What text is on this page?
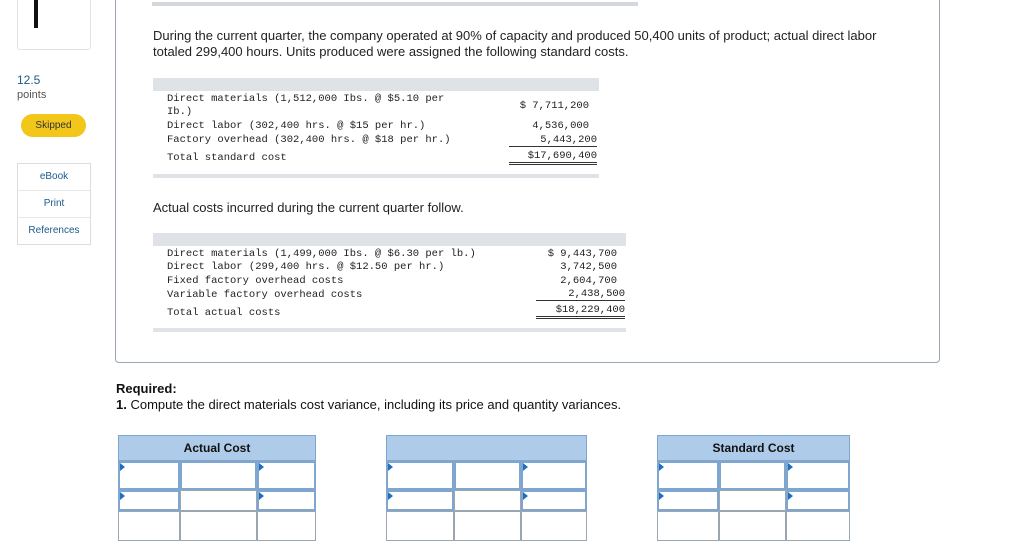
12.5
points
Skipped
eBook
Print
References
During the current quarter, the company operated at 90% of capacity and produced 50,400 units of product; actual direct labor totaled 299,400 hours. Units produced were assigned the following standard costs.
Direct materials (1,512,000 Ibs. @ $5.10 per
Ib.)	$ 7,711,200
Direct labor (302,400 hrs. @ $15 per hr.)	4,536,000
Factory overhead (302,400 hrs. @ $18 per hr.)	5,443,200
Total standard cost	$17,690,400
Actual costs incurred during the current quarter follow.
Direct materials (1,499,000 Ibs. @ $6.30 per lb.)	$ 9,443,700
Direct labor (299,400 hrs. @ $12.50 per hr.)	3,742,500
Fixed factory overhead costs	2,604,700
Variable factory overhead costs	2,438,500
Total actual costs	$18,229,400
Required:
1. Compute the direct materials cost variance, including its price and quantity variances.
Actual Cost	Standard Cost
